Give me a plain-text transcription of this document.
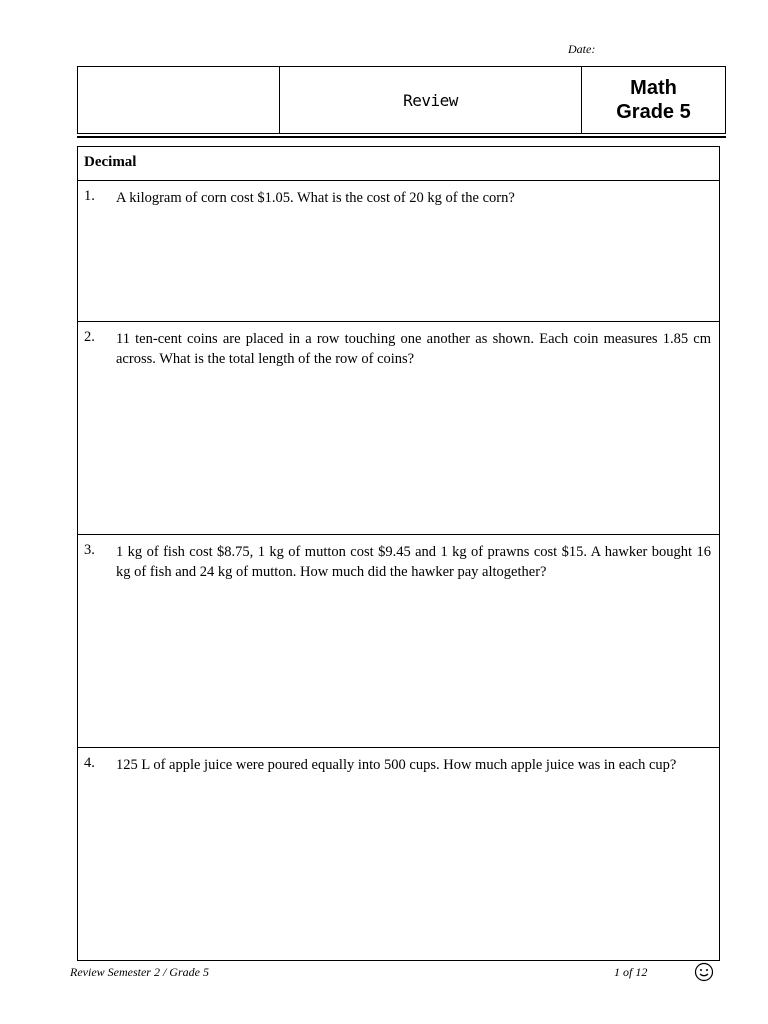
Date:
Review
Math
Grade 5
Decimal
1. A kilogram of corn cost $1.05. What is the cost of 20 kg of the corn?
2. 11 ten-cent coins are placed in a row touching one another as shown. Each coin measures 1.85 cm across. What is the total length of the row of coins?
3. 1 kg of fish cost $8.75, 1 kg of mutton cost $9.45 and 1 kg of prawns cost $15. A hawker bought 16 kg of fish and 24 kg of mutton. How much did the hawker pay altogether?
4. 125 L of apple juice were poured equally into 500 cups. How much apple juice was in each cup?
Review Semester 2 / Grade 5	1 of 12
